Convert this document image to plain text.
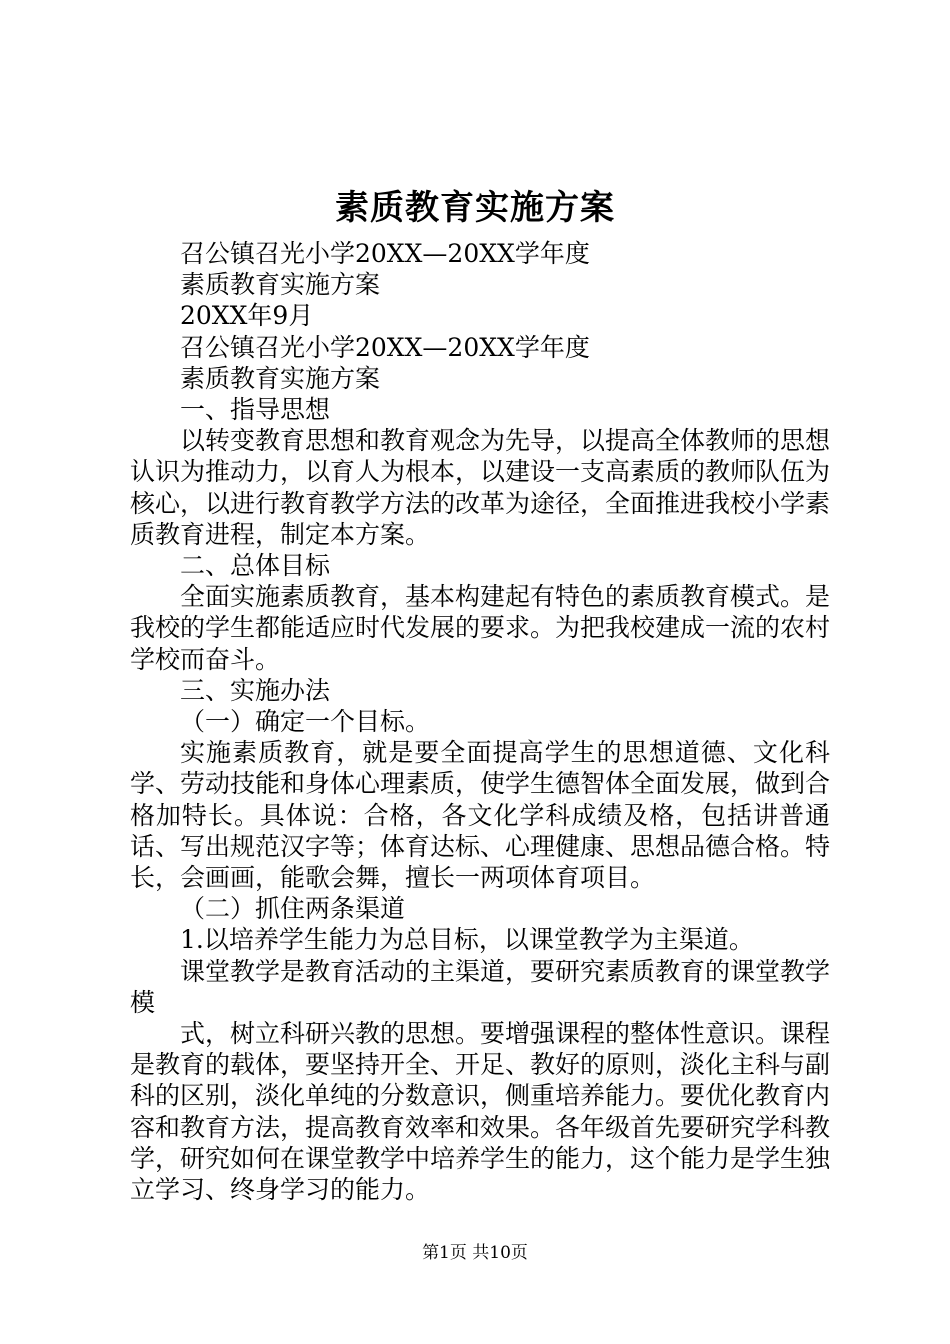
素质教育实施方案

召公镇召光小学20XX—20XX学年度

素质教育实施方案

20XX年9月

召公镇召光小学20XX—20XX学年度

素质教育实施方案

一、指导思想

以转变教育思想和教育观念为先导，以提高全体教师的思想认识为推动力，以育人为根本，以建设一支高素质的教师队伍为核心，以进行教育教学方法的改革为途径，全面推进我校小学素质教育进程，制定本方案。

二、总体目标

全面实施素质教育，基本构建起有特色的素质教育模式。是我校的学生都能适应时代发展的要求。为把我校建成一流的农村学校而奋斗。

三、实施办法

（一）确定一个目标。

实施素质教育，就是要全面提高学生的思想道德、文化科学、劳动技能和身体心理素质，使学生德智体全面发展，做到合格加特长。具体说：合格，各文化学科成绩及格，包括讲普通话、写出规范汉字等；体育达标、心理健康、思想品德合格。特长，会画画，能歌会舞，擅长一两项体育项目。

（二）抓住两条渠道

1.以培养学生能力为总目标，以课堂教学为主渠道。

课堂教学是教育活动的主渠道，要研究素质教育的课堂教学模

式，树立科研兴教的思想。要增强课程的整体性意识。课程是教育的载体，要坚持开全、开足、教好的原则，淡化主科与副科的区别，淡化单纯的分数意识，侧重培养能力。要优化教育内容和教育方法，提高教育效率和效果。各年级首先要研究学科教学，研究如何在课堂教学中培养学生的能力，这个能力是学生独立学习、终身学习的能力。

第1页 共10页
